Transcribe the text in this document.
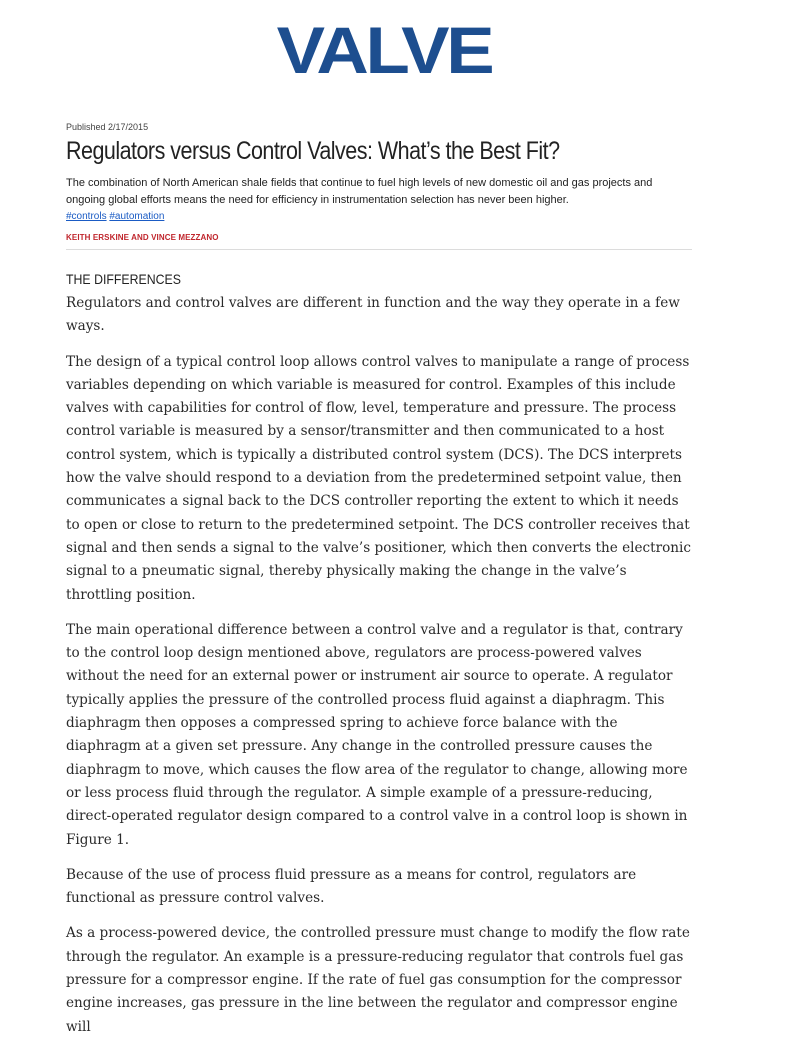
VALVE
Published 2/17/2015
Regulators versus Control Valves: What’s the Best Fit?
The combination of North American shale fields that continue to fuel high levels of new domestic oil and gas projects and ongoing global efforts means the need for efficiency in instrumentation selection has never been higher.
#controls #automation
KEITH ERSKINE AND VINCE MEZZANO
THE DIFFERENCES

Regulators and control valves are different in function and the way they operate in a few ways.

The design of a typical control loop allows control valves to manipulate a range of process variables depending on which variable is measured for control. Examples of this include valves with capabilities for control of flow, level, temperature and pressure. The process control variable is measured by a sensor/transmitter and then communicated to a host control system, which is typically a distributed control system (DCS). The DCS interprets how the valve should respond to a deviation from the predetermined setpoint value, then communicates a signal back to the DCS controller reporting the extent to which it needs to open or close to return to the predetermined setpoint. The DCS controller receives that signal and then sends a signal to the valve’s positioner, which then converts the electronic signal to a pneumatic signal, thereby physically making the change in the valve’s throttling position.

The main operational difference between a control valve and a regulator is that, contrary to the control loop design mentioned above, regulators are process-powered valves without the need for an external power or instrument air source to operate. A regulator typically applies the pressure of the controlled process fluid against a diaphragm. This diaphragm then opposes a compressed spring to achieve force balance with the diaphragm at a given set pressure. Any change in the controlled pressure causes the diaphragm to move, which causes the flow area of the regulator to change, allowing more or less process fluid through the regulator. A simple example of a pressure-reducing, direct-operated regulator design compared to a control valve in a control loop is shown in Figure 1.

Because of the use of process fluid pressure as a means for control, regulators are functional as pressure control valves.

As a process-powered device, the controlled pressure must change to modify the flow rate through the regulator. An example is a pressure-reducing regulator that controls fuel gas pressure for a compressor engine. If the rate of fuel gas consumption for the compressor engine increases, gas pressure in the line between the regulator and compressor engine will
